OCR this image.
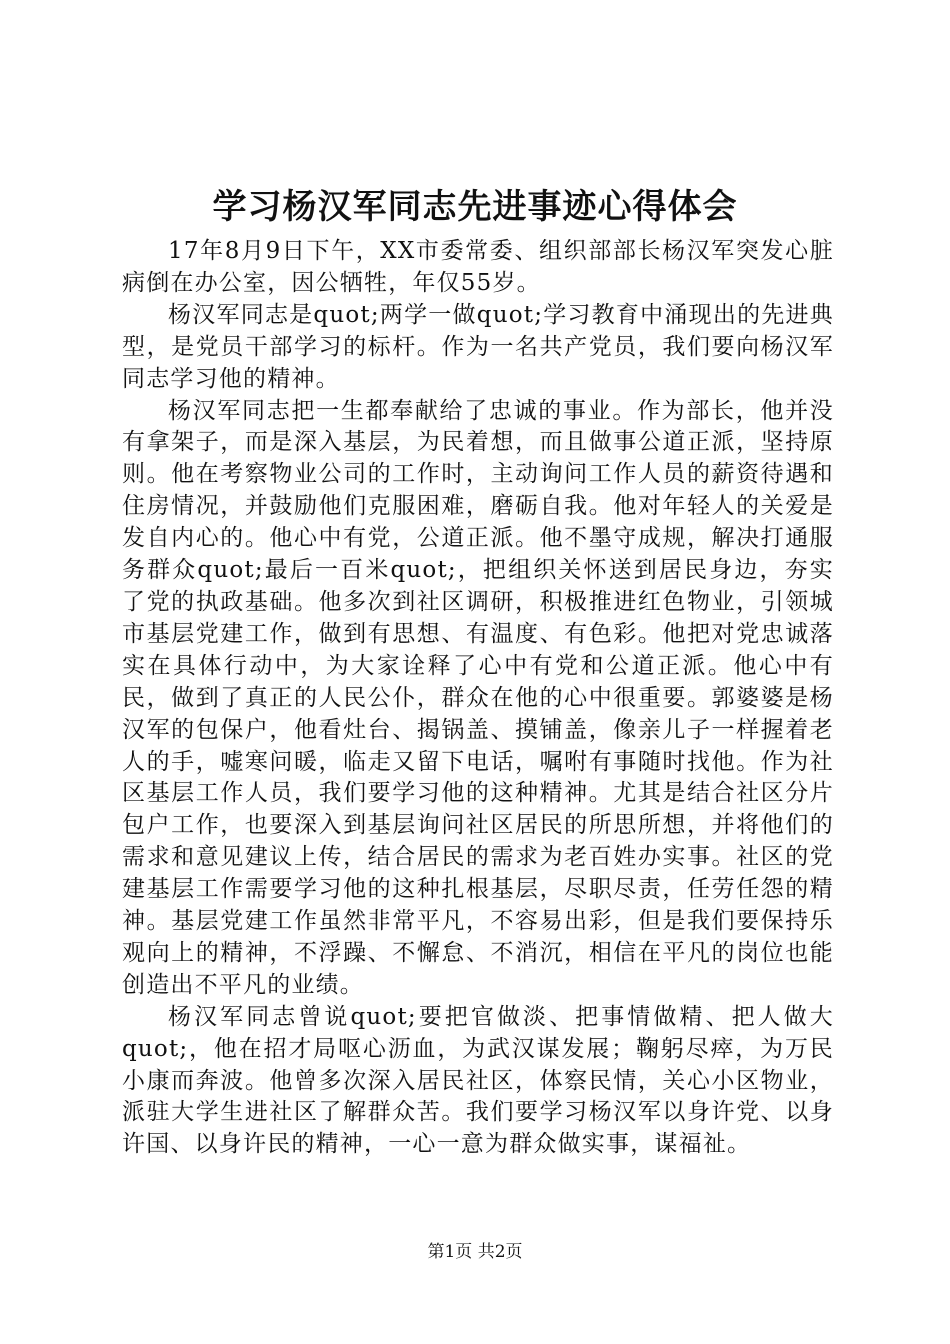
学习杨汉军同志先进事迹心得体会

17年8月9日下午，XX市委常委、组织部部长杨汉军突发心脏病倒在办公室，因公牺牲，年仅55岁。

杨汉军同志是quot;两学一做quot;学习教育中涌现出的先进典型，是党员干部学习的标杆。作为一名共产党员，我们要向杨汉军同志学习他的精神。

杨汉军同志把一生都奉献给了忠诚的事业。作为部长，他并没有拿架子，而是深入基层，为民着想，而且做事公道正派，坚持原则。他在考察物业公司的工作时，主动询问工作人员的薪资待遇和住房情况，并鼓励他们克服困难，磨砺自我。他对年轻人的关爱是发自内心的。他心中有党，公道正派。他不墨守成规，解决打通服务群众quot;最后一百米quot;，把组织关怀送到居民身边，夯实了党的执政基础。他多次到社区调研，积极推进红色物业，引领城市基层党建工作，做到有思想、有温度、有色彩。他把对党忠诚落实在具体行动中，为大家诠释了心中有党和公道正派。他心中有民，做到了真正的人民公仆，群众在他的心中很重要。郭婆婆是杨汉军的包保户，他看灶台、揭锅盖、摸铺盖，像亲儿子一样握着老人的手，嘘寒问暖，临走又留下电话，嘱咐有事随时找他。作为社区基层工作人员，我们要学习他的这种精神。尤其是结合社区分片包户工作，也要深入到基层询问社区居民的所思所想，并将他们的需求和意见建议上传，结合居民的需求为老百姓办实事。社区的党建基层工作需要学习他的这种扎根基层，尽职尽责，任劳任怨的精神。基层党建工作虽然非常平凡，不容易出彩，但是我们要保持乐观向上的精神，不浮躁、不懈怠、不消沉，相信在平凡的岗位也能创造出不平凡的业绩。

杨汉军同志曾说quot;要把官做淡、把事情做精、把人做大quot;，他在招才局呕心沥血，为武汉谋发展；鞠躬尽瘁，为万民小康而奔波。他曾多次深入居民社区，体察民情，关心小区物业，派驻大学生进社区了解群众苦。我们要学习杨汉军以身许党、以身许国、以身许民的精神，一心一意为群众做实事，谋福祉。

第1页 共2页
